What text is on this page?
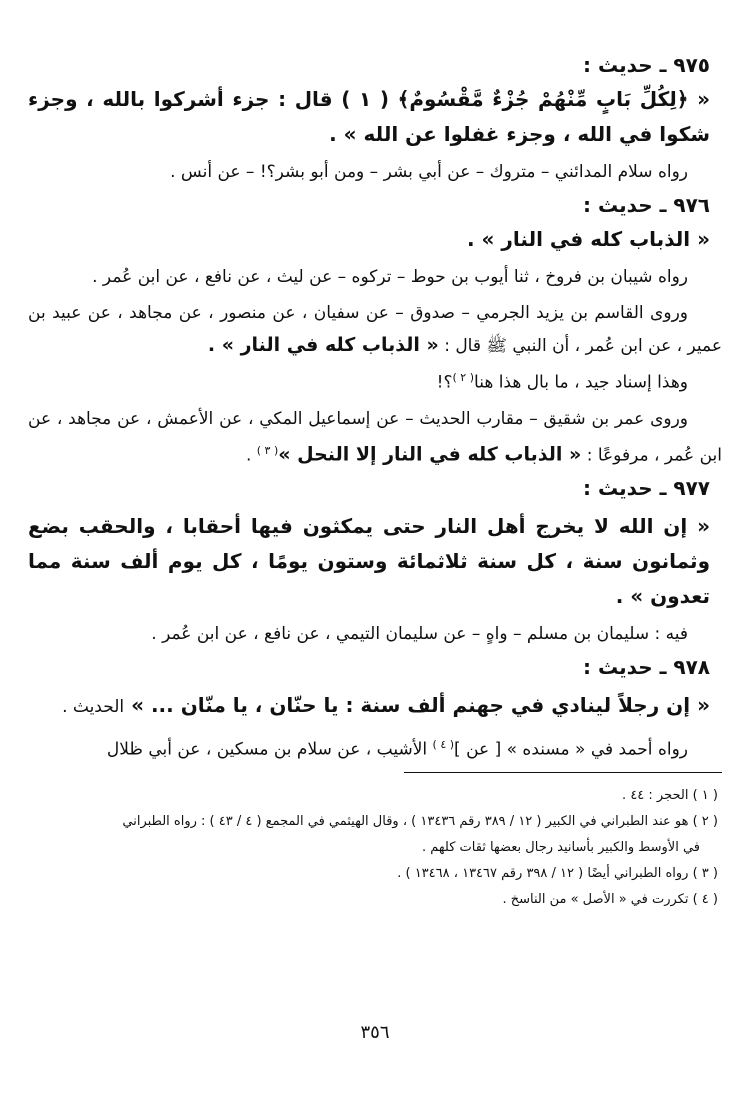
٩٧٥ ـ حديث :

« ﴿لِكُلِّ بَابٍ مِّنْهُمْ جُزْءٌ مَّقْسُومٌ﴾ ( ١ ) قال : جزء أشركوا بالله ، وجزء شكوا في الله ، وجزء غفلوا عن الله » .

رواه سلام المدائني – متروك – عن أبي بشر – ومن أبو بشر؟! – عن أنس .

٩٧٦ ـ حديث :

« الذباب كله في النار » .

رواه شيبان بن فروخ ، ثنا أيوب بن حوط – تركوه – عن ليث ، عن نافع ، عن ابن عُمر .

وروى القاسم بن يزيد الجرمي – صدوق – عن سفيان ، عن منصور ، عن مجاهد ، عن عبيد بن عمير ، عن ابن عُمر ، أن النبي ﷺ قال : « الذباب كله في النار » .

وهذا إسناد جيد ، ما بال هذا هنا$^{( ٢ )}$؟!

وروى عمر بن شقيق – مقارب الحديث – عن إسماعيل المكي ، عن الأعمش ، عن مجاهد ، عن ابن عُمر ، مرفوعًا : « الذباب كله في النار إلا النحل »$^{( ٣ )}$ .

٩٧٧ ـ حديث :

« إن الله لا يخرج أهل النار حتى يمكثون فيها أحقابا ، والحقب بضع وثمانون سنة ، كل سنة ثلاثمائة وستون يومًا ، كل يوم ألف سنة مما تعدون » .

فيه : سليمان بن مسلم – واهٍ – عن سليمان التيمي ، عن نافع ، عن ابن عُمر .

٩٧٨ ـ حديث :

« إن رجلاً لينادي في جهنم ألف سنة : يا حنّان ، يا منّان ... » الحديث .

رواه أحمد في « مسنده » [ عن ]$^{( ٤ )}$ الأشيب ، عن سلام بن مسكين ، عن أبي ظلال

( ١ ) الحجر : ٤٤ .

( ٢ ) هو عند الطبراني في الكبير ( ١٢ / ٣٨٩ رقم ١٣٤٣٦ ) ، وقال الهيثمي في المجمع ( ٤ / ٤٣ ) : رواه الطبراني

في الأوسط والكبير بأسانيد رجال بعضها ثقات كلهم .

( ٣ ) رواه الطبراني أيضًا ( ١٢ / ٣٩٨ رقم ١٣٤٦٧ ، ١٣٤٦٨ ) .

( ٤ ) تكررت في « الأصل » من الناسخ .

٣٥٦
